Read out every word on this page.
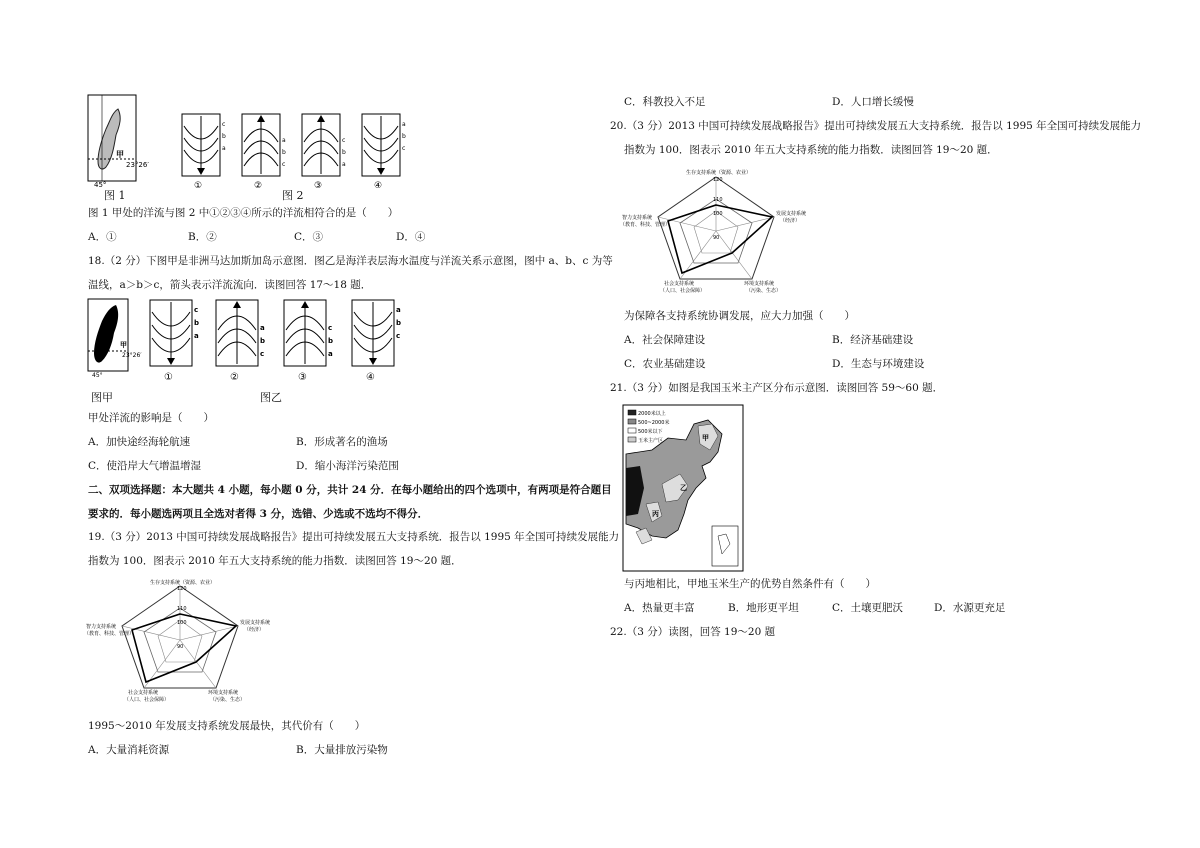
甲
23°26′
45°
图 1
c
b
a
①
a
b
c
②
c
b
a
③
a
b
c
④
图 2
图 1 甲处的洋流与图 2 中①②③④所示的洋流相符合的是（　　）
A．①	B．②	C．③	D．④
18.（2 分）下图甲是非洲马达加斯加岛示意图．图乙是海洋表层海水温度与洋流关系示意图，图中 a、b、c 为等
温线，a＞b＞c，箭头表示洋流流向．读图回答 17～18 题．
甲
23°26′
45°
c
b
a
①
a
b
c
②
c
b
a
③
a
b
c
④
图甲	图乙
甲处洋流的影响是（　　）
A．加快途经海轮航速	B．形成著名的渔场
C．使沿岸大气增温增湿	D．缩小海洋污染范围
二、双项选择题：本大题共 4 小题，每小题 0 分，共计 24 分．在每小题给出的四个选项中，有两项是符合题目
要求的．每小题选两项且全选对者得 3 分，选错、少选或不选均不得分．
19.（3 分）2013 中国可持续发展战略报告》提出可持续发展五大支持系统．报告以 1995 年全国可持续发展能力
指数为 100．图表示 2010 年五大支持系统的能力指数．读图回答 19～20 题．
120
110
100
90
生存支持系统（资源、农业）
发展支持系统
（经济）
智力支持系统
（教育、科技、管理）
社会支持系统
（人口、社会保障）
环境支持系统
（污染、生态）
1995～2010 年发展支持系统发展最快，其代价有（　　）
A．大量消耗资源	B．大量排放污染物
C．科教投入不足	D．人口增长缓慢
20.（3 分）2013 中国可持续发展战略报告》提出可持续发展五大支持系统．报告以 1995 年全国可持续发展能力
指数为 100．图表示 2010 年五大支持系统的能力指数．读图回答 19～20 题．
120
110
100
90
生存支持系统（资源、农业）
发展支持系统
（经济）
智力支持系统
（教育、科技、管理）
社会支持系统
（人口、社会保障）
环境支持系统
（污染、生态）
为保障各支持系统协调发展，应大力加强（　　）
A．社会保障建设	B．经济基础建设
C．农业基础建设	D．生态与环境建设
21.（3 分）如图是我国玉米主产区分布示意图．读图回答 59～60 题．
2000米以上
500~2000米
500米以下
玉米主产区	甲
乙
丙
与丙地相比，甲地玉米生产的优势自然条件有（　　）
A．热量更丰富	B．地形更平坦	C．土壤更肥沃	D．水源更充足
22.（3 分）读图，回答 19～20 题
